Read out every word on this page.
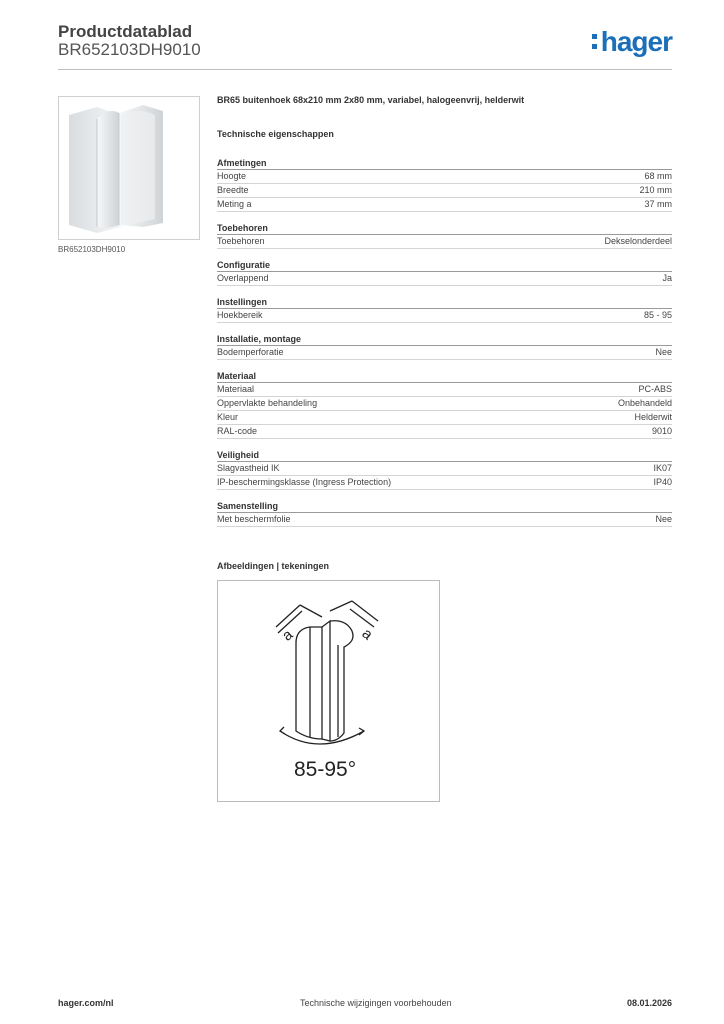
Productdatablad
BR652103DH9010	hager
BR652103DH9010
BR65 buitenhoek 68x210 mm 2x80 mm, variabel, halogeenvrij, helderwit
Technische eigenschappen
Afmetingen
Hoogte	68 mm
Breedte	210 mm
Meting a	37 mm
Toebehoren
Toebehoren	Dekselonderdeel
Configuratie
Overlappend	Ja
Instellingen
Hoekbereik	85 - 95
Installatie, montage
Bodemperforatie	Nee
Materiaal
Materiaal	PC-ABS
Oppervlakte behandeling	Onbehandeld
Kleur	Helderwit
RAL-code	9010
Veiligheid
Slagvastheid IK	IK07
IP-beschermingsklasse (Ingress Protection)	IP40
Samenstelling
Met beschermfolie	Nee
Afbeeldingen | tekeningen
a	a
85-95°
hager.com/nl	Technische wijzigingen voorbehouden	08.01.2026
